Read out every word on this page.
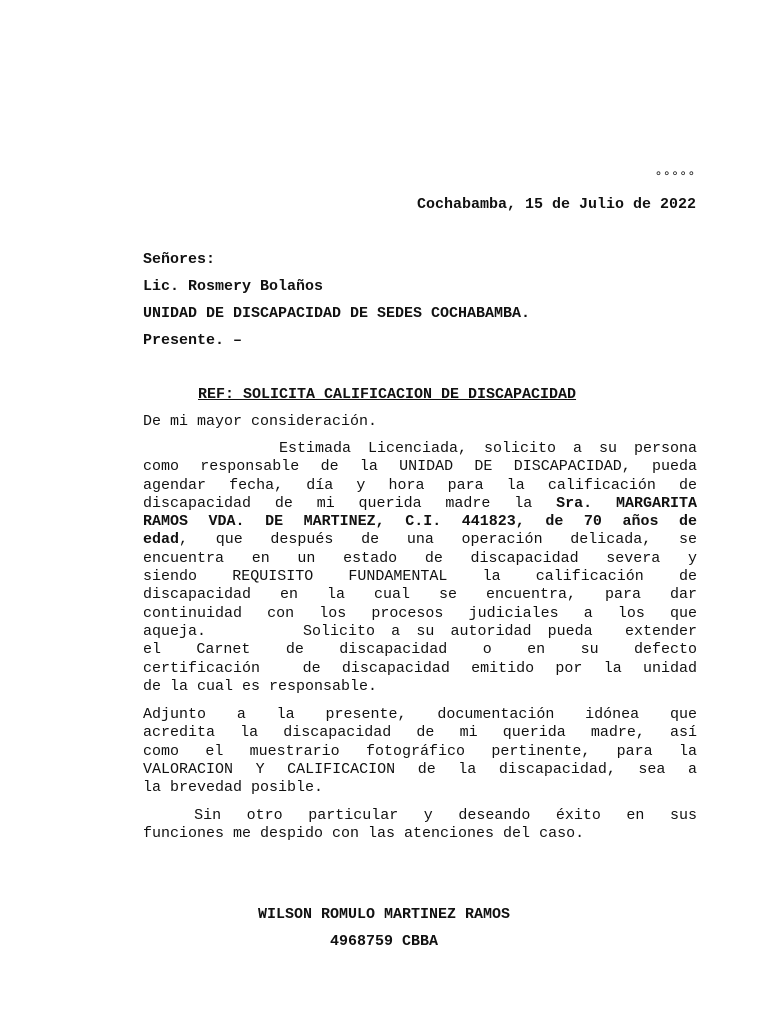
∘∘∘∘∘
Cochabamba, 15 de Julio de 2022
Señores:
Lic. Rosmery Bolaños
UNIDAD DE DISCAPACIDAD DE SEDES COCHABAMBA.
Presente. –
REF: SOLICITA CALIFICACION DE DISCAPACIDAD
De mi mayor consideración.
Estimada Licenciada, solicito a su persona
como responsable de la UNIDAD DE DISCAPACIDAD, pueda
agendar fecha, día y hora para la calificación de
discapacidad de mi querida madre la Sra. MARGARITA
RAMOS VDA. DE MARTINEZ, C.I. 441823, de 70 años de
edad, que después de una operación delicada, se
encuentra en un estado de discapacidad severa y
siendo REQUISITO FUNDAMENTAL la calificación de
discapacidad en la cual se encuentra, para dar
continuidad con los procesos judiciales a los que
aqueja.      Solicito a su autoridad pueda  extender
el Carnet de discapacidad o en su defecto
certificación  de discapacidad emitido por la unidad
de la cual es responsable.
Adjunto a la presente, documentación idónea que
acredita la discapacidad de mi querida madre, así
como el muestrario fotográfico pertinente, para la
VALORACION Y CALIFICACION de la discapacidad, sea a
la brevedad posible.
Sin otro particular y deseando éxito en sus
funciones me despido con las atenciones del caso.
WILSON ROMULO MARTINEZ RAMOS
4968759 CBBA
